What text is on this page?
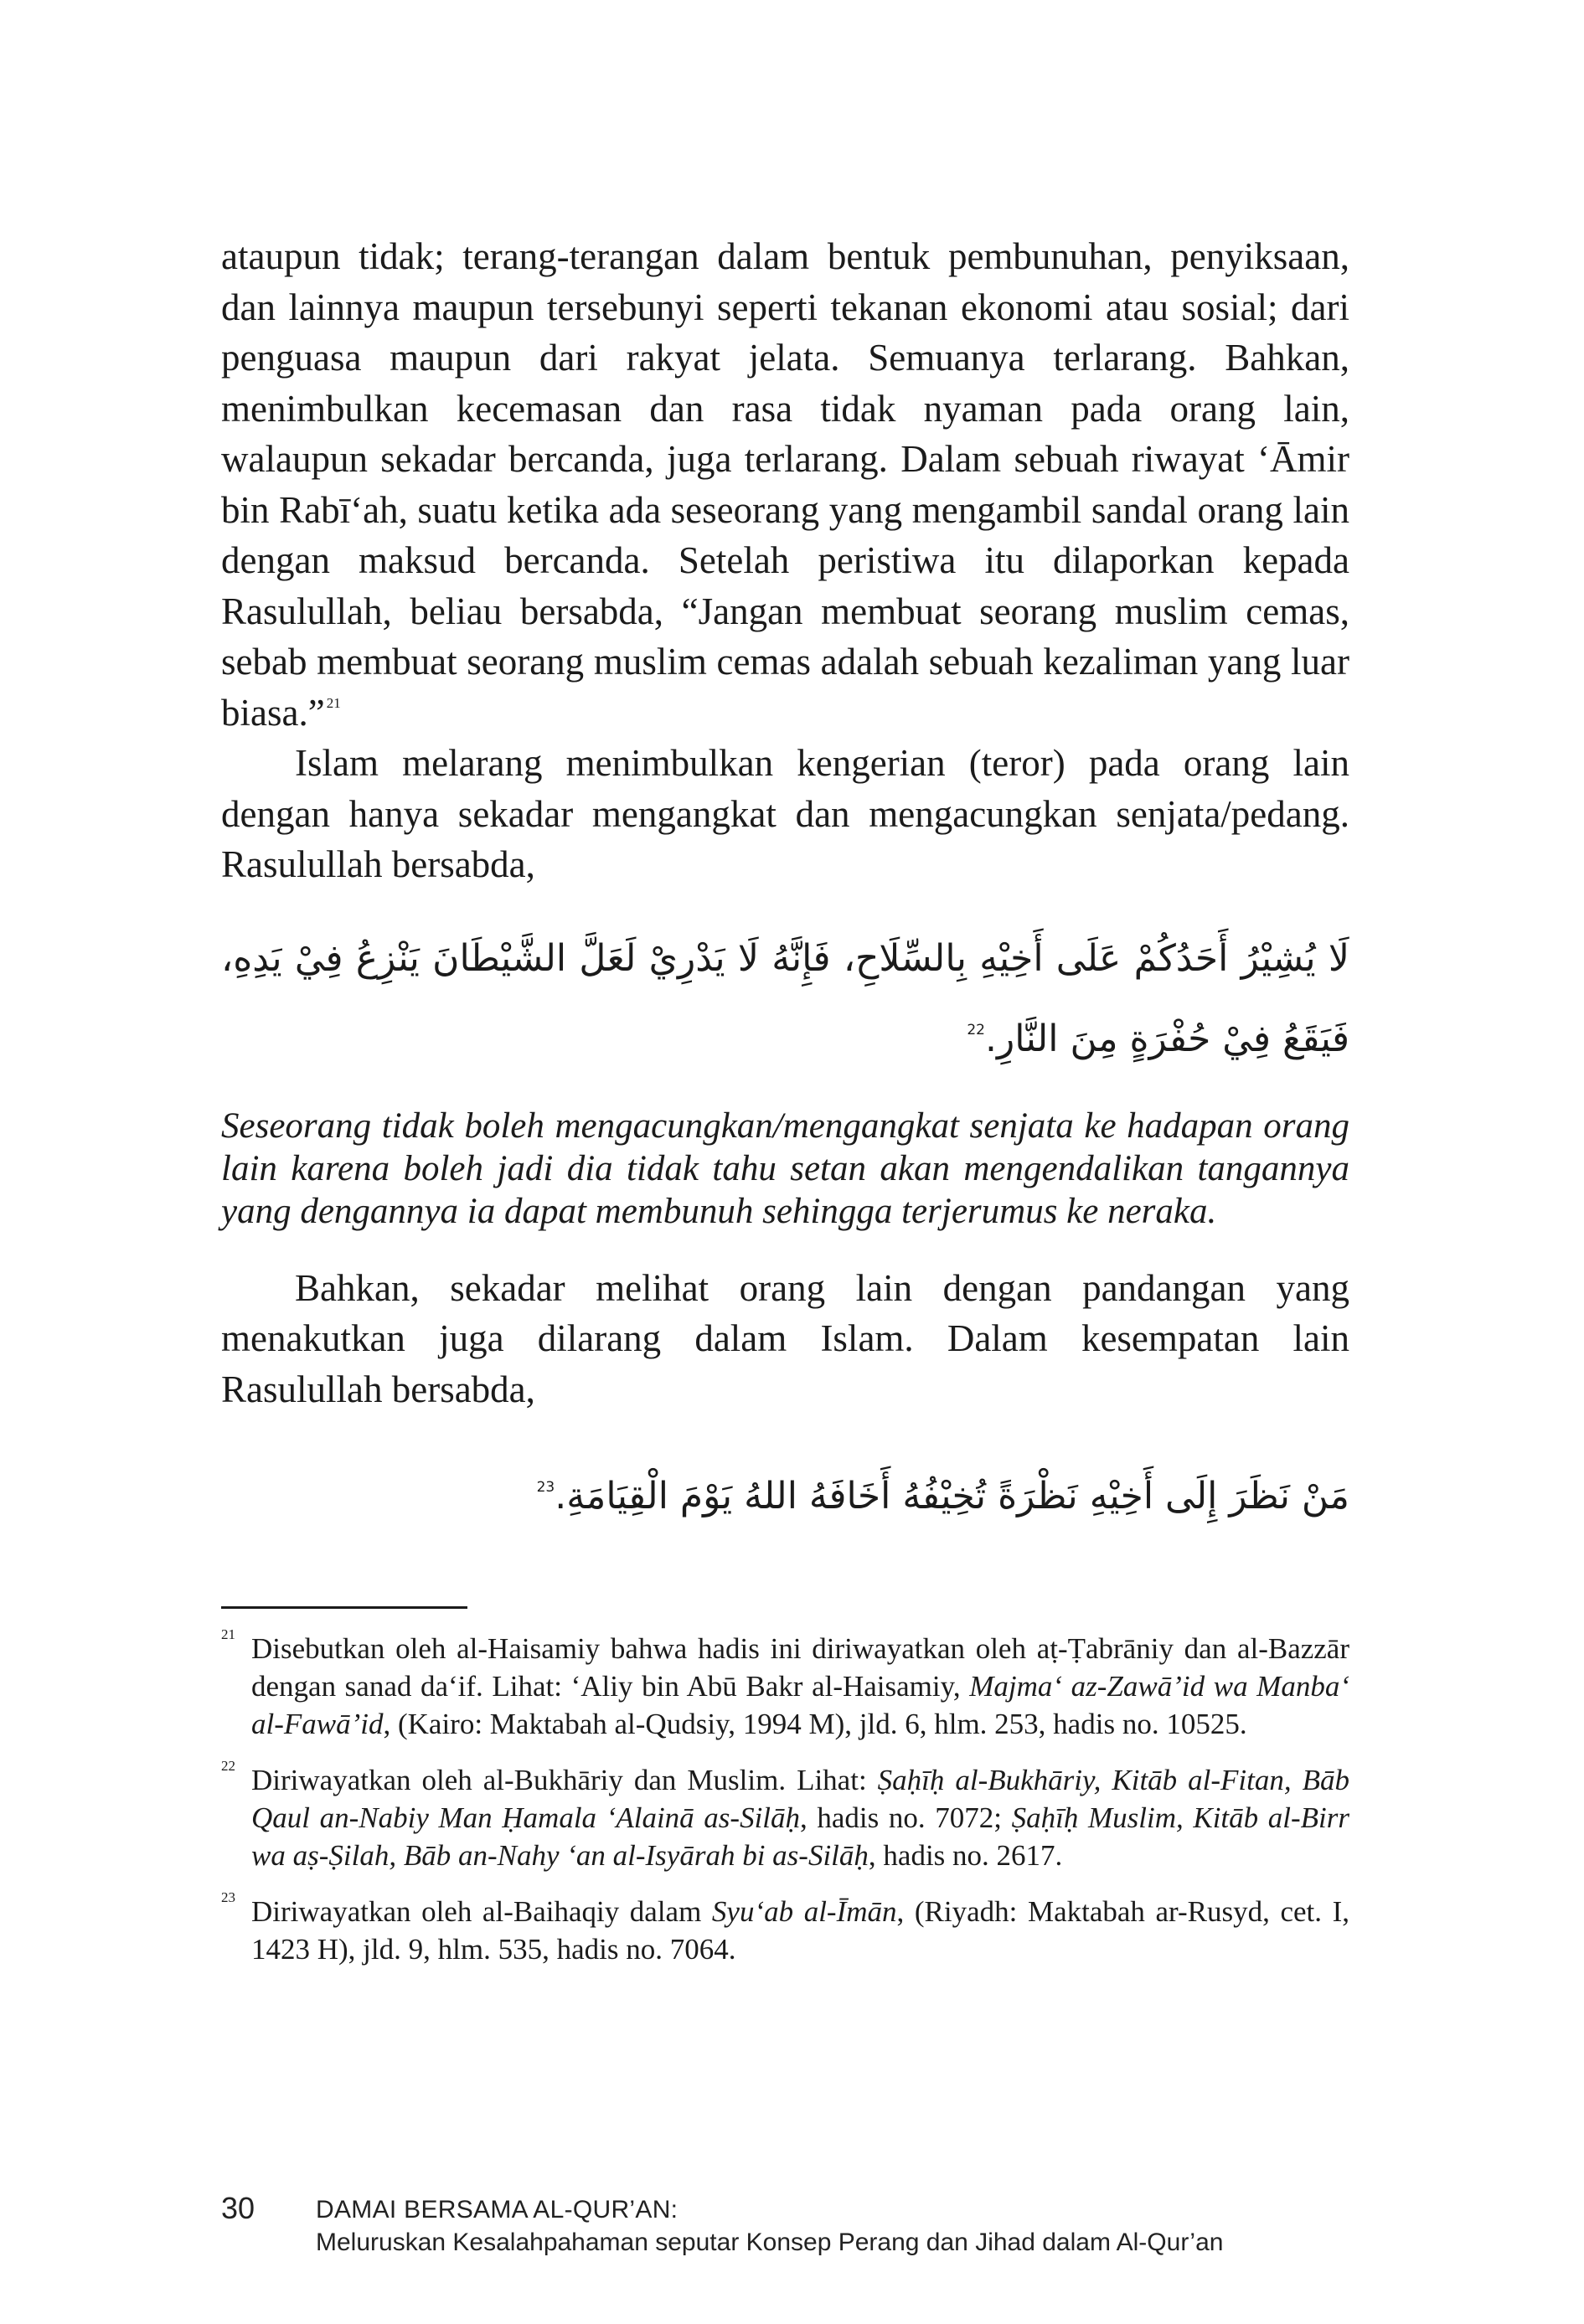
ataupun tidak; terang-terangan dalam bentuk pembunuhan, penyiksaan, dan lainnya maupun tersebunyi seperti tekanan ekonomi atau sosial; dari penguasa maupun dari rakyat jelata. Semuanya terlarang. Bahkan, menimbulkan kecemasan dan rasa tidak nyaman pada orang lain, walaupun sekadar bercanda, juga terlarang. Dalam sebuah riwayat ‘Āmir bin Rabī‘ah, suatu ketika ada seseorang yang mengambil sandal orang lain dengan maksud bercanda. Setelah peristiwa itu dilaporkan kepada Rasulullah, beliau bersabda, “Jangan membuat seorang muslim cemas, sebab membuat seorang muslim cemas adalah sebuah kezaliman yang luar biasa.” $^{21}$

Islam melarang menimbulkan kengerian (teror) pada orang lain dengan hanya sekadar mengangkat dan mengacungkan senjata/pedang. Rasulullah bersabda,

لَا يُشِيْرُ أَحَدُكُمْ عَلَى أَخِيْهِ بِالسِّلَاحِ، فَإِنَّهُ لَا يَدْرِيْ لَعَلَّ الشَّيْطَانَ يَنْزِعُ فِيْ يَدِهِ، فَيَقَعُ فِيْ حُفْرَةٍ مِنَ النَّارِ.$^{22}$

Seseorang tidak boleh mengacungkan/mengangkat senjata ke hadapan orang lain karena boleh jadi dia tidak tahu setan akan mengendalikan tangannya yang dengannya ia dapat membunuh sehingga terjerumus ke neraka.

Bahkan, sekadar melihat orang lain dengan pandangan yang menakutkan juga dilarang dalam Islam. Dalam kesempatan lain Rasulullah bersabda,

مَنْ نَظَرَ إِلَى أَخِيْهِ نَظْرَةً تُخِيْفُهُ أَخَافَهُ اللهُ يَوْمَ الْقِيَامَةِ.$^{23}$
21 Disebutkan oleh al-Haisamiy bahwa hadis ini diriwayatkan oleh aṭ-Ṭabrāniy dan al-Bazzār dengan sanad da‘if. Lihat: ‘Aliy bin Abū Bakr al-Haisamiy, Majma‘ az-Zawā’id wa Manba‘ al-Fawā’id, (Kairo: Maktabah al-Qudsiy, 1994 M), jld. 6, hlm. 253, hadis no. 10525.
22 Diriwayatkan oleh al-Bukhāriy dan Muslim. Lihat: Ṣaḥīḥ al-Bukhāriy, Kitāb al-Fitan, Bāb Qaul an-Nabiy Man Ḥamala ‘Alainā as-Silāḥ, hadis no. 7072; Ṣaḥīḥ Muslim, Kitāb al-Birr wa aṣ-Ṣilah, Bāb an-Nahy ‘an al-Isyārah bi as-Silāḥ, hadis no. 2617.
23 Diriwayatkan oleh al-Baihaqiy dalam Syu‘ab al-Īmān, (Riyadh: Maktabah ar-Rusyd, cet. I, 1423 H), jld. 9, hlm. 535, hadis no. 7064.
30 DAMAI BERSAMA AL-QUR’AN:
Meluruskan Kesalahpahaman seputar Konsep Perang dan Jihad dalam Al-Qur’an
